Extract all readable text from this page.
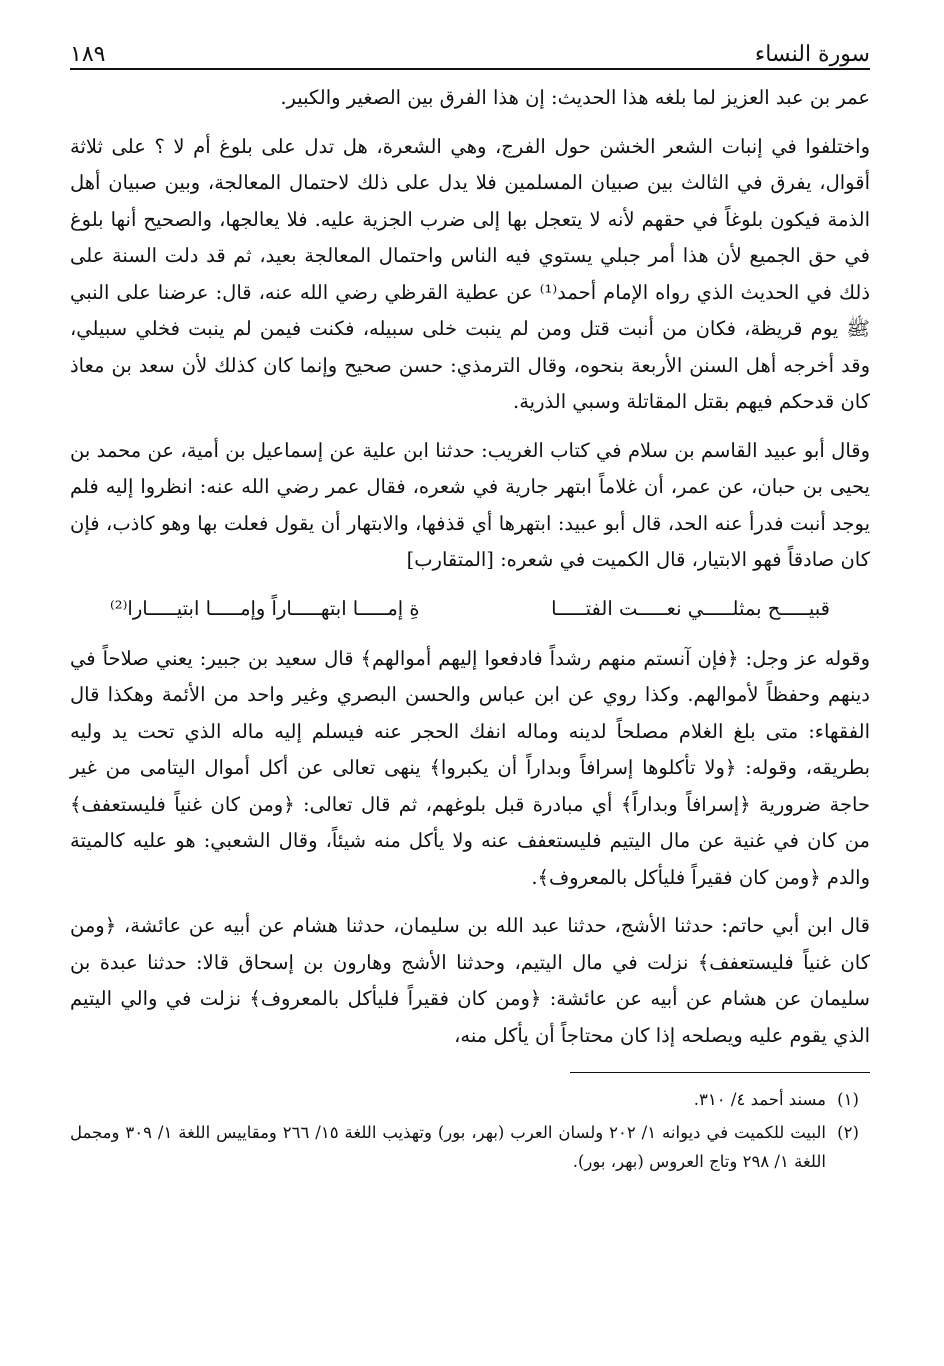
سورة النساء
١٨٩

عمر بن عبد العزيز لما بلغه هذا الحديث: إن هذا الفرق بين الصغير والكبير.

واختلفوا في إنبات الشعر الخشن حول الفرج، وهي الشعرة، هل تدل على بلوغ أم لا ؟ على ثلاثة أقوال، يفرق في الثالث بين صبيان المسلمين فلا يدل على ذلك لاحتمال المعالجة، وبين صبيان أهل الذمة فيكون بلوغاً في حقهم لأنه لا يتعجل بها إلى ضرب الجزية عليه. فلا يعالجها، والصحيح أنها بلوغ في حق الجميع لأن هذا أمر جبلي يستوي فيه الناس واحتمال المعالجة بعيد، ثم قد دلت السنة على ذلك في الحديث الذي رواه الإمام أحمد⁽¹⁾ عن عطية القرظي رضي الله عنه، قال: عرضنا على النبي ﷺ يوم قريظة، فكان من أنبت قتل ومن لم ينبت خلى سبيله، فكنت فيمن لم ينبت فخلي سبيلي، وقد أخرجه أهل السنن الأربعة بنحوه، وقال الترمذي: حسن صحيح وإنما كان كذلك لأن سعد بن معاذ كان قدحكم فيهم بقتل المقاتلة وسبي الذرية.

وقال أبو عبيد القاسم بن سلام في كتاب الغريب: حدثنا ابن علية عن إسماعيل بن أمية، عن محمد بن يحيى بن حبان، عن عمر، أن غلاماً ابتهر جارية في شعره، فقال عمر رضي الله عنه: انظروا إليه فلم يوجد أنبت فدرأ عنه الحد، قال أبو عبيد: ابتهرها أي قذفها، والابتهار أن يقول فعلت بها وهو كاذب، فإن كان صادقاً فهو الابتيار، قال الكميت في شعره: [المتقارب]

قبيـــــح بمثلـــــي نعـــــت الفتـــــا
ةِ إمـــــا ابتهـــــاراً وإمـــــا ابتيـــــارا⁽²⁾

وقوله عز وجل: ﴿فإن آنستم منهم رشداً فادفعوا إليهم أموالهم﴾ قال سعيد بن جبير: يعني صلاحاً في دينهم وحفظاً لأموالهم. وكذا روي عن ابن عباس والحسن البصري وغير واحد من الأئمة وهكذا قال الفقهاء: متى بلغ الغلام مصلحاً لدينه وماله انفك الحجر عنه فيسلم إليه ماله الذي تحت يد وليه بطريقه، وقوله: ﴿ولا تأكلوها إسرافاً وبداراً أن يكبروا﴾ ينهى تعالى عن أكل أموال اليتامى من غير حاجة ضرورية ﴿إسرافاً وبداراً﴾ أي مبادرة قبل بلوغهم، ثم قال تعالى: ﴿ومن كان غنياً فليستعفف﴾ من كان في غنية عن مال اليتيم فليستعفف عنه ولا يأكل منه شيئاً، وقال الشعبي: هو عليه كالميتة والدم ﴿ومن كان فقيراً فليأكل بالمعروف﴾.

قال ابن أبي حاتم: حدثنا الأشج، حدثنا عبد الله بن سليمان، حدثنا هشام عن أبيه عن عائشة، ﴿ومن كان غنياً فليستعفف﴾ نزلت في مال اليتيم، وحدثنا الأشج وهارون بن إسحاق قالا: حدثنا عبدة بن سليمان عن هشام عن أبيه عن عائشة: ﴿ومن كان فقيراً فليأكل بالمعروف﴾ نزلت في والي اليتيم الذي يقوم عليه ويصلحه إذا كان محتاجاً أن يأكل منه،

(١)
مسند أحمد ٤/ ٣١٠.
(٢)
البيت للكميت في ديوانه ١/ ٢٠٢ ولسان العرب (بهر، بور) وتهذيب اللغة ١٥/ ٢٦٦ ومقاييس اللغة ١/ ٣٠٩ ومجمل اللغة ١/ ٢٩٨ وتاج العروس (بهر، بور).
